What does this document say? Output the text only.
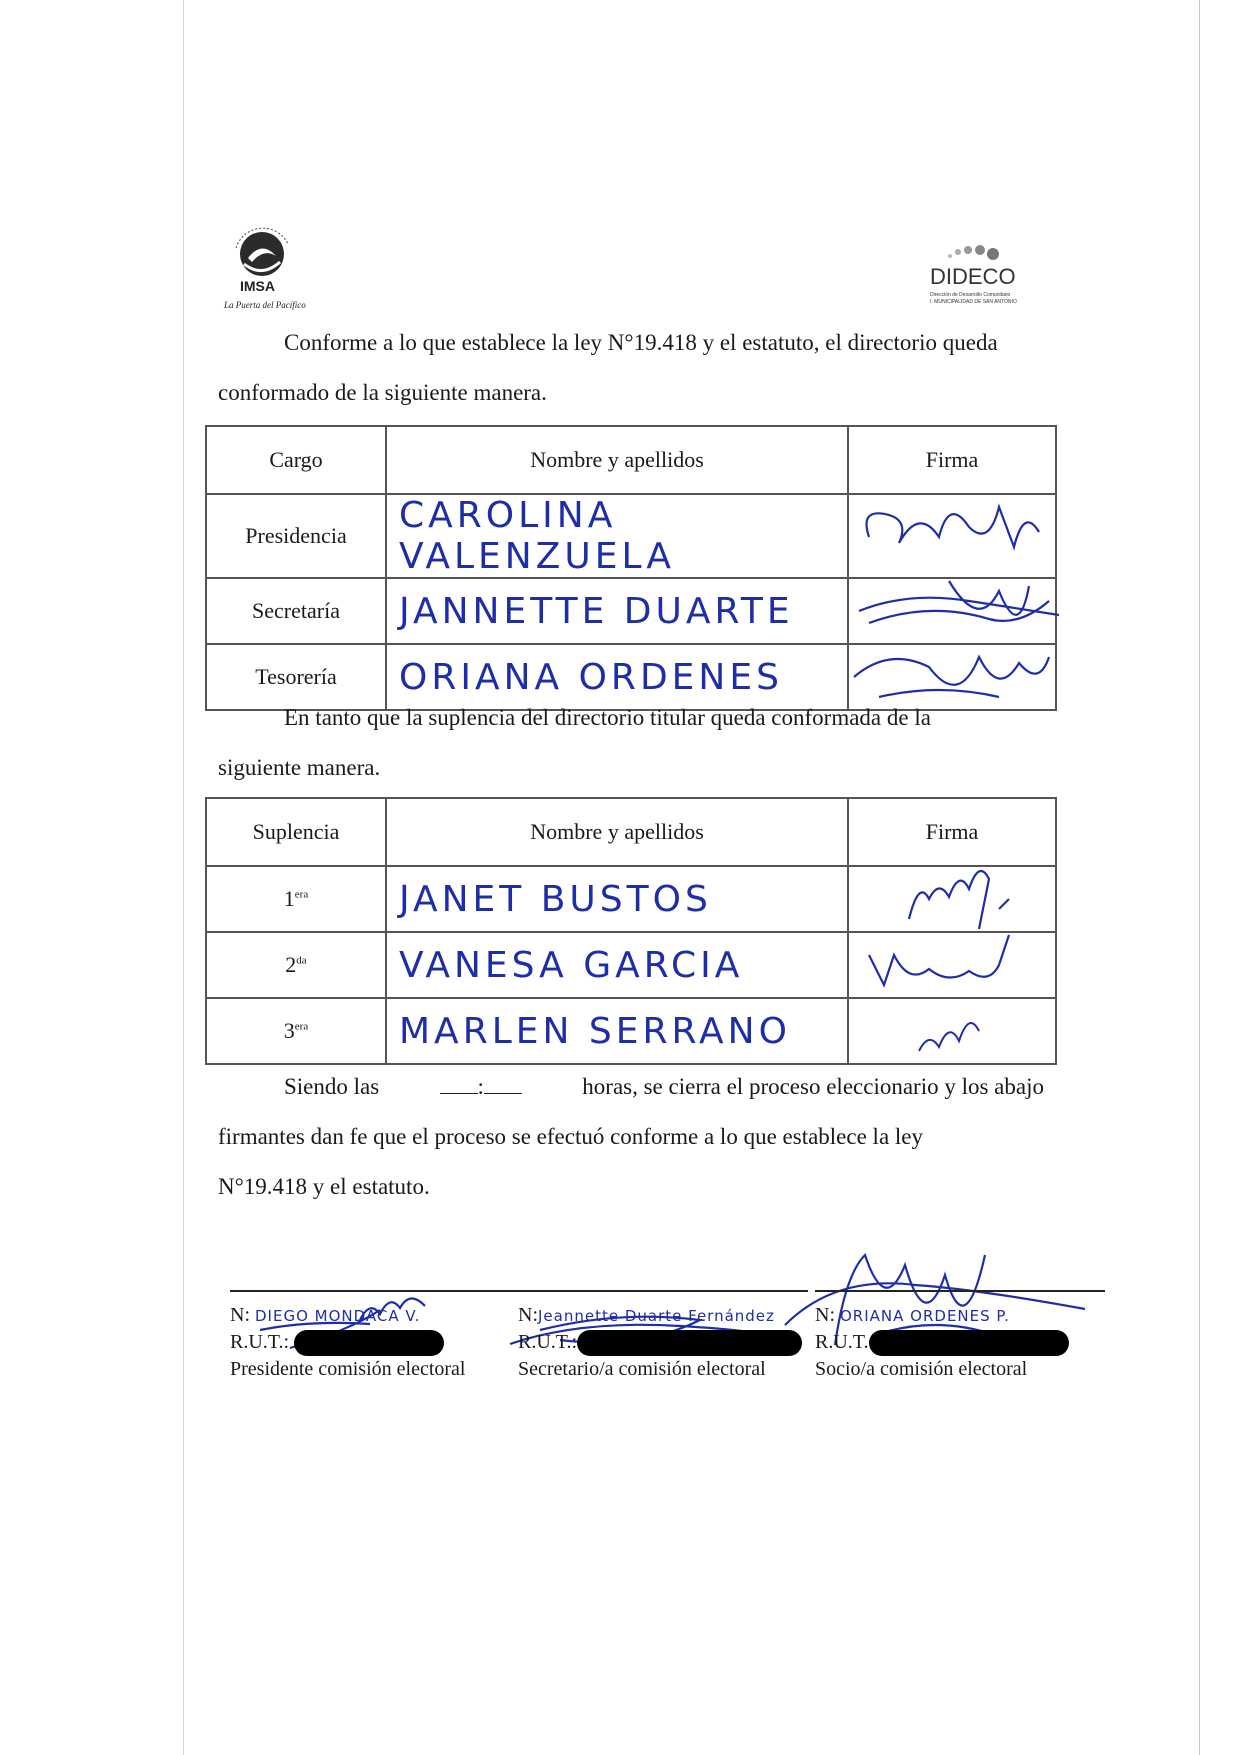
IMSA
La Puerta del Pacífico
DIDECO
Dirección de Desarrollo Comunitario
I. MUNICIPALIDAD DE SAN ANTONIO
Conforme a lo que establece la ley N°19.418 y el estatuto, el directorio queda
conformado de la siguiente manera.
Cargo	Nombre y apellidos	Firma
Presidencia	CAROLINA VALENZUELA	

Secretaría	JANNETTE DUARTE	

Tesorería	ORIANA ORDENES	
En tanto que la suplencia del directorio titular queda conformada de la
siguiente manera.
Suplencia	Nombre y apellidos	Firma
$1^{era}$	JANET BUSTOS	

$2^{da}$	VANESA GARCIA	

$3^{era}$	MARLEN SERRANO	
Siendo las	:	horas, se cierra el proceso eleccionario y los abajo
firmantes dan fe que el proceso se efectuó conforme a lo que establece la ley
N°19.418 y el estatuto.
N: DIEGO MONDACA V.
R.U.T.:
Presidente comisión electoral
N:Jeannette Duarte Fernández
R.U.T.:
Secretario/a comisión electoral
N: ORIANA ORDENES P.
R.U.T.
Socio/a comisión electoral
